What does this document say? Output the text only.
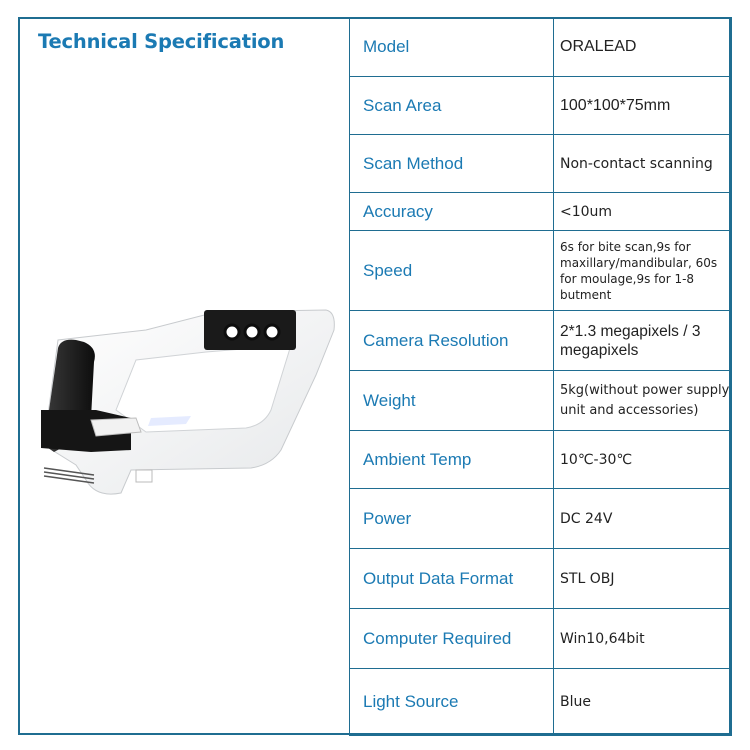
Technical Specification	Model	ORALEAD
Scan Area	100*100*75mm
Scan Method	Non-contact scanning
Accuracy	<10um
Speed	6s for bite scan,9s for maxillary/mandibular, 60s for moulage,9s for 1-8 butment
Camera Resolution	2*1.3 megapixels / 3 megapixels
Weight	5kg(without power supply unit and accessories)
Ambient Temp	10℃-30℃
Power	DC 24V
Output Data Format	STL OBJ
Computer Required	Win10,64bit
Light Source	Blue
